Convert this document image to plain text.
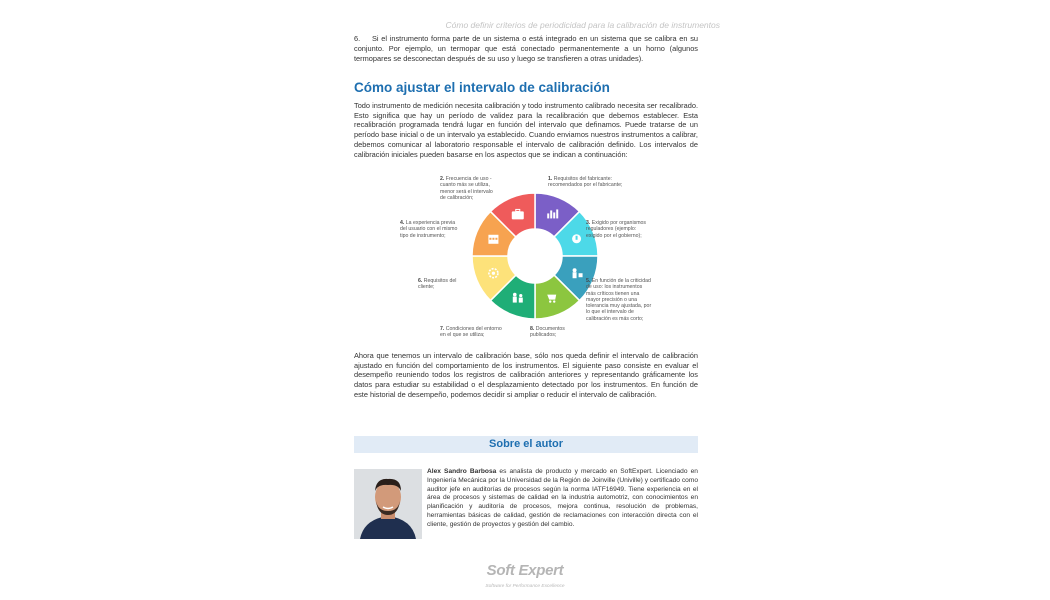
Cómo definir criterios de periodicidad para la calibración de instrumentos

6. Si el instrumento forma parte de un sistema o está integrado en un sistema que se calibra en su conjunto. Por ejemplo, un termopar que está conectado permanentemente a un horno (algunos termopares se desconectan después de su uso y luego se transfieren a otras unidades).

Cómo ajustar el intervalo de calibración

Todo instrumento de medición necesita calibración y todo instrumento calibrado necesita ser recalibrado. Esto significa que hay un período de validez para la recalibración que debemos establecer. Esta recalibración programada tendrá lugar en función del intervalo que definamos. Puede tratarse de un período base inicial o de un intervalo ya establecido. Cuando enviamos nuestros instrumentos a calibrar, debemos comunicar al laboratorio responsable el intervalo de calibración definido. Los intervalos de calibración iniciales pueden basarse en los aspectos que se indican a continuación:

1. Requisitos del fabricante: recomendados por el fabricante;
2. Frecuencia de uso - cuanto más se utiliza, menor será el intervalo de calibración;
3. Exigido por organismos reguladores (ejemplo: exigido por el gobierno);
4. La experiencia previa del usuario con el mismo tipo de instrumento;
5. En función de la criticidad de uso: los instrumentos más críticos tienen una mayor precisión o una tolerancia muy ajustada, por lo que el intervalo de calibración es más corto;
6. Requisitos del cliente;
7. Condiciones del entorno en el que se utiliza;
8. Documentos publicados;

Ahora que tenemos un intervalo de calibración base, sólo nos queda definir el intervalo de calibración ajustado en función del comportamiento de los instrumentos. El siguiente paso consiste en evaluar el desempeño reuniendo todos los registros de calibración anteriores y representando gráficamente los datos para estudiar su estabilidad o el desplazamiento detectado por los instrumentos. En función de este historial de desempeño, podemos decidir si ampliar o reducir el intervalo de calibración.

Sobre el autor

Alex Sandro Barbosa es analista de producto y mercado en SoftExpert. Licenciado en Ingeniería Mecánica por la Universidad de la Región de Joinville (Univille) y certificado como auditor jefe en auditorías de procesos según la norma IATF16949. Tiene experiencia en el área de procesos y sistemas de calidad en la industria automotriz, con conocimientos en planificación y auditoría de procesos, mejora continua, resolución de problemas, herramientas básicas de calidad, gestión de reclamaciones con interacción directa con el cliente, gestión de proyectos y gestión del cambio.

Soft Expert
Software for Performance Excellence
